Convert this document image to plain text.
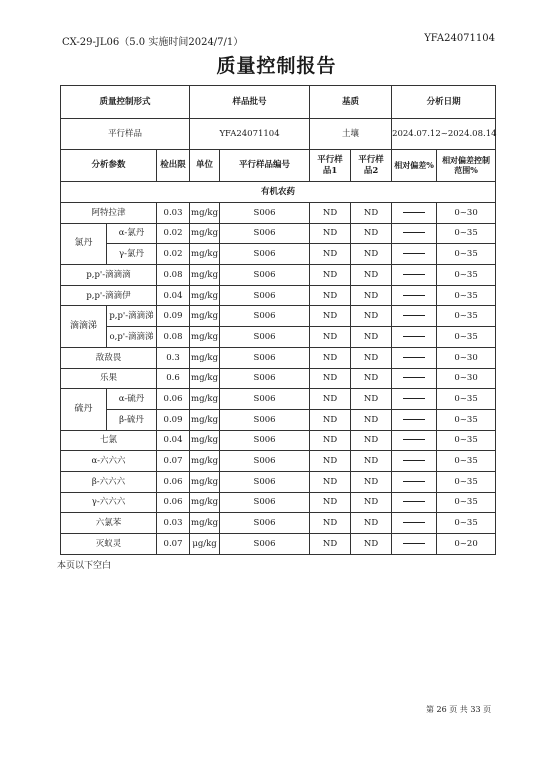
CX-29-JL06（5.0 实施时间2024/7/1）	YFA24071104
质量控制报告
质量控制形式			样品批号		基质		分析日期	
平行样品			YFA24071104		土壤		2024.07.12~2024.08.14	
分析参数		检出限	单位	平行样品编号	平行样品1	平行样品2	相对偏差%	相对偏差控制范围%
有机农药								
阿特拉津		0.03	mg/kg	S006	ND	ND		0~30
氯丹	α-氯丹	0.02	mg/kg	S006	ND	ND		0~35
	γ-氯丹	0.02	mg/kg	S006	ND	ND		0~35
p,p'-滴滴滴		0.08	mg/kg	S006	ND	ND		0~35
p,p'-滴滴伊		0.04	mg/kg	S006	ND	ND		0~35
滴滴涕	p,p'-滴滴涕	0.09	mg/kg	S006	ND	ND		0~35
	o,p'-滴滴涕	0.08	mg/kg	S006	ND	ND		0~35
敌敌畏		0.3	mg/kg	S006	ND	ND		0~30
乐果		0.6	mg/kg	S006	ND	ND		0~30
硫丹	α-硫丹	0.06	mg/kg	S006	ND	ND		0~35
	β-硫丹	0.09	mg/kg	S006	ND	ND		0~35
七氯		0.04	mg/kg	S006	ND	ND		0~35
α-六六六		0.07	mg/kg	S006	ND	ND		0~35
β-六六六		0.06	mg/kg	S006	ND	ND		0~35
γ-六六六		0.06	mg/kg	S006	ND	ND		0~35
六氯苯		0.03	mg/kg	S006	ND	ND		0~35
灭蚁灵		0.07	μg/kg	S006	ND	ND		0~20
本页以下空白
第 26 页 共 33 页
